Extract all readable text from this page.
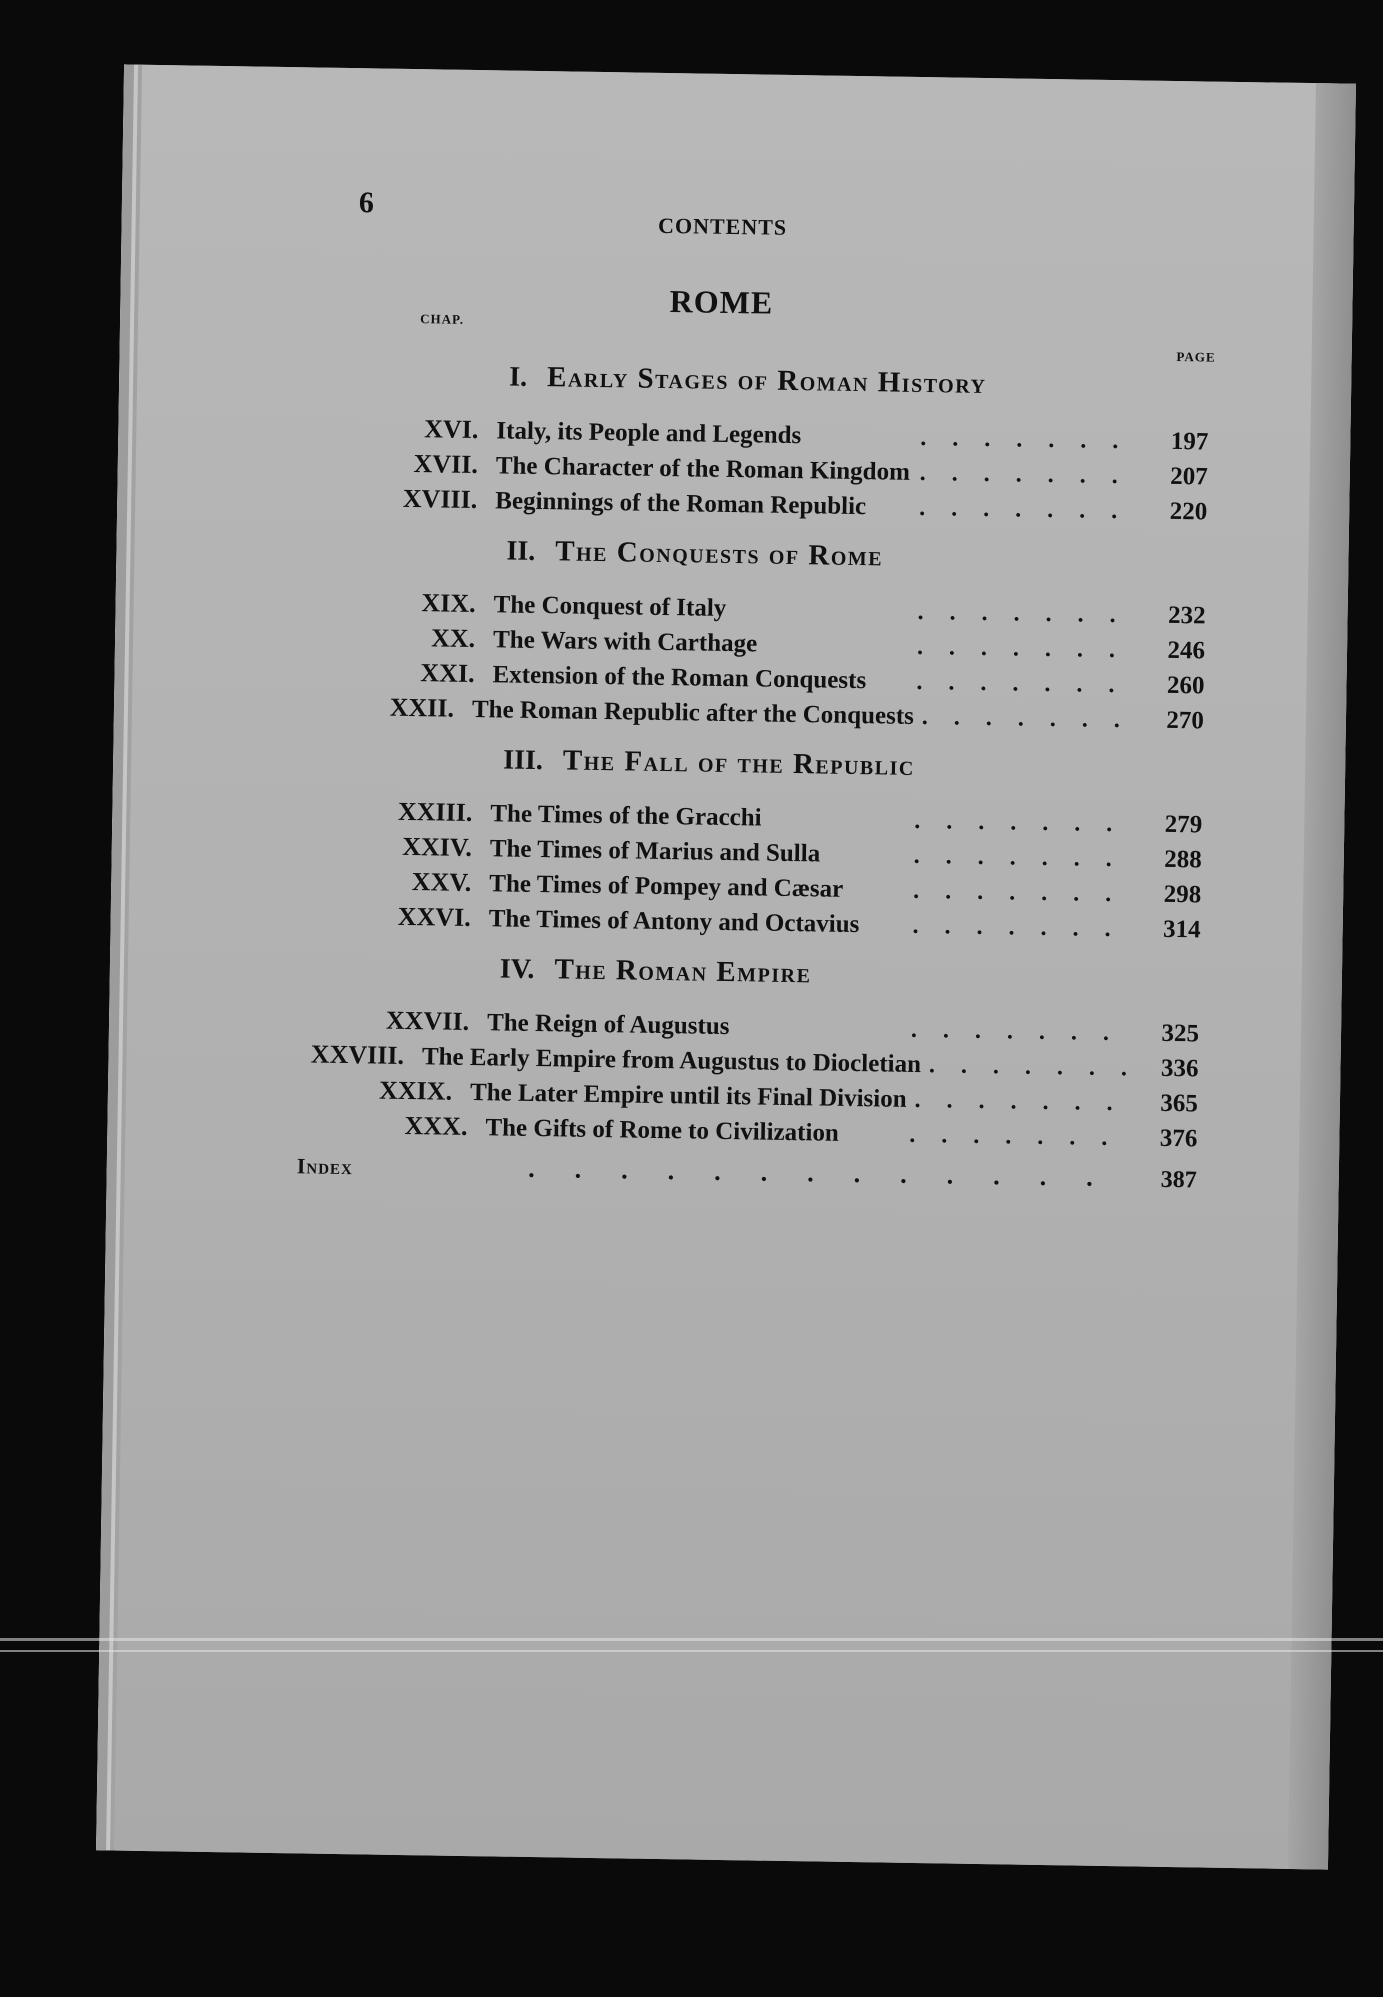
6
CONTENTS
ROME
CHAP.
PAGE
I. Early Stages of Roman History
XVI. Italy, its People and Legends	.......	197
XVII. The Character of the Roman Kingdom .......	207
XVIII. Beginnings of the Roman Republic	.......	220
II. The Conquests of Rome
XIX. The Conquest of Italy	.......	232
XX. The Wars with Carthage	.......	246
XXI. Extension of the Roman Conquests	.......	260
XXII. The Roman Republic after the Conquests ....... 270
III. The Fall of the Republic
XXIII. The Times of the Gracchi	.......	279
XXIV. The Times of Marius and Sulla	.......	288
XXV. The Times of Pompey and Cæsar	.......	298
XXVI. The Times of Antony and Octavius	.......	314
IV. The Roman Empire
XXVII. The Reign of Augustus	.......	325
XXVIII. The Early Empire from Augustus to Diocletian ....... 336
XXIX. The Later Empire until its Final Division ....... 365
XXX. The Gifts of Rome to Civilization	.......	376
Index	.............	387
